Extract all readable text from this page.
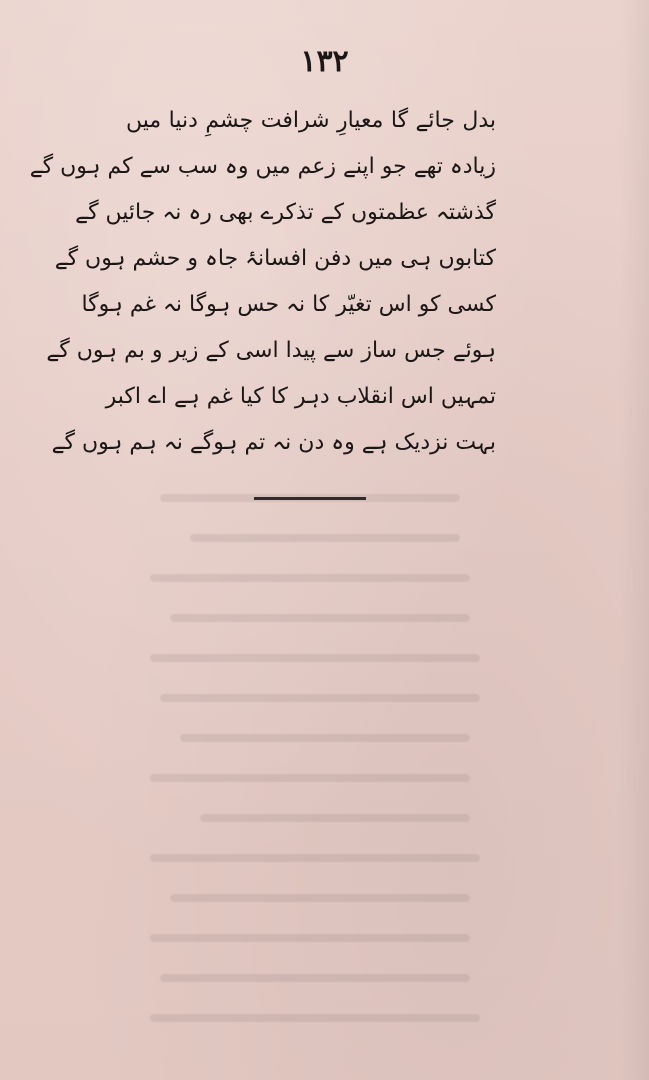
١٣٢
بدل جائے گا معیارِ شرافت چشمِ دنیا میں
زیادہ تھے جو اپنے زعم میں وہ سب سے کم ہوں گے
گذشتہ عظمتوں کے تذکرے بھی رہ نہ جائیں گے
کتابوں ہی میں دفن افسانۂ جاہ و حشم ہوں گے
کسی کو اس تغیّر کا نہ حس ہوگا نہ غم ہوگا
ہوئے جس ساز سے پیدا اسی کے زیر و بم ہوں گے
تمہیں اس انقلاب دہر کا کیا غم ہے اے اکبر
بہت نزدیک ہے وہ دن نہ تم ہوگے نہ ہم ہوں گے
